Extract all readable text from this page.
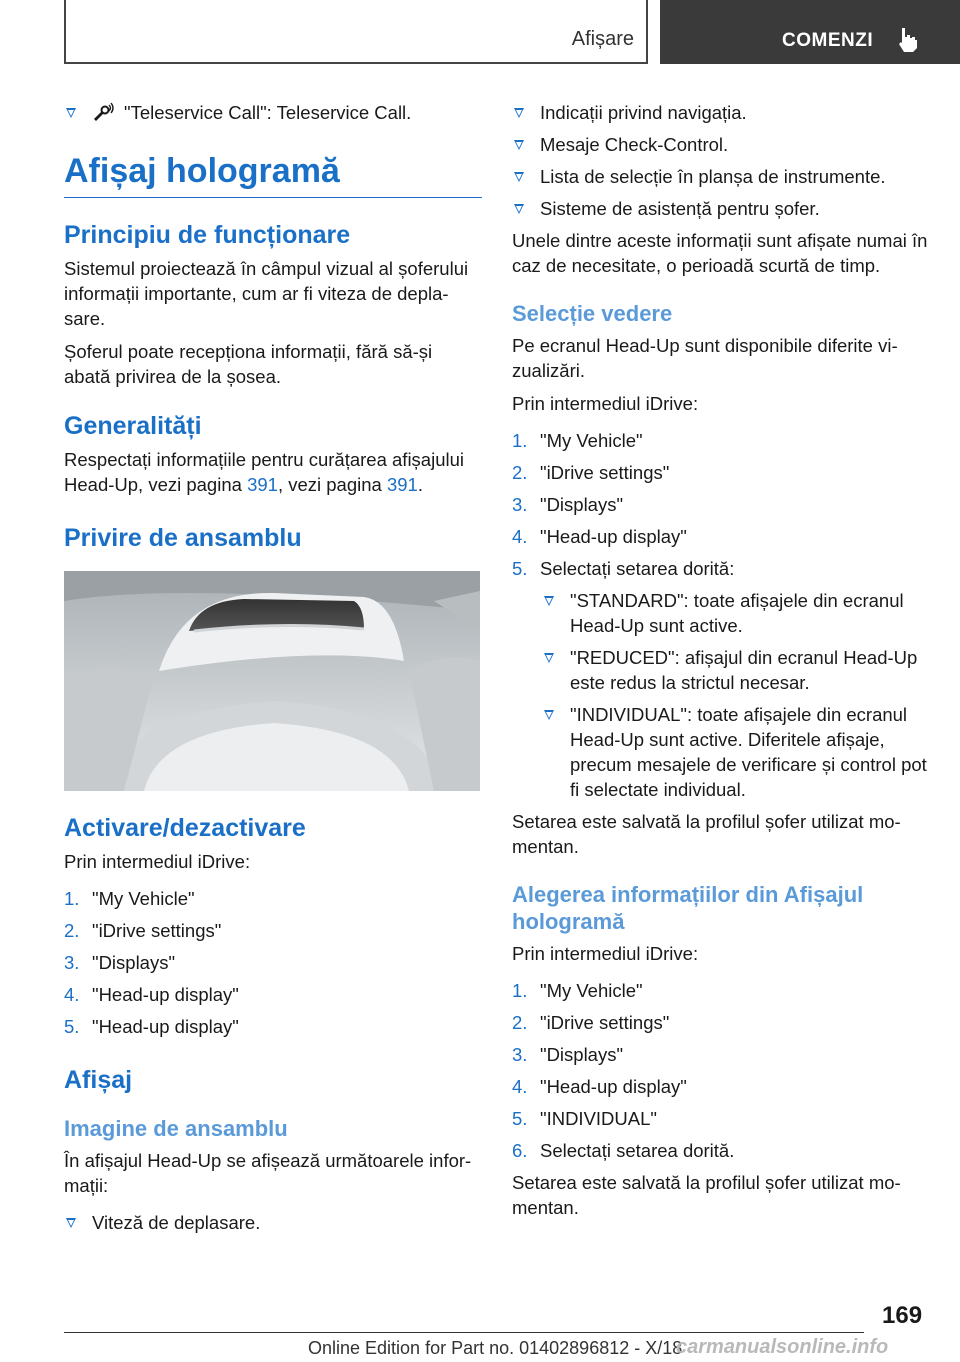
Afișare	COMENZI
"Teleservice Call": Teleservice Call.
Afișaj hologramă
Principiu de funcționare

Sistemul proiectează în câmpul vizual al șoferului informații importante, cum ar fi viteza de depla-sare.

Șoferul poate recepționa informații, fără să-și abată privirea de la șosea.

Generalități

Respectați informațiile pentru curățarea afișajului Head-Up, vezi pagina 391, vezi pagina 391.

Privire de ansamblu
Activare/dezactivare

Prin intermediul iDrive:

1. "My Vehicle"
2. "iDrive settings"
3. "Displays"
4. "Head-up display"
5. "Head-up display"
Afișaj
Imagine de ansamblu

În afișajul Head-Up se afișează următoarele infor-mații:

Viteză de deplasare.
Indicații privind navigația.
Mesaje Check-Control.
Lista de selecție în planșa de instrumente.
Sisteme de asistență pentru șofer.

Unele dintre aceste informații sunt afișate numai în caz de necesitate, o perioadă scurtă de timp.

Selecție vedere

Pe ecranul Head-Up sunt disponibile diferite vi-zualizări.

Prin intermediul iDrive:

1. "My Vehicle"
2. "iDrive settings"
3. "Displays"
4. "Head-up display"
5. Selectați setarea dorită:
"STANDARD": toate afișajele din ecranul Head-Up sunt active.
"REDUCED": afișajul din ecranul Head-Up este redus la strictul necesar.
"INDIVIDUAL": toate afișajele din ecranul Head-Up sunt active. Diferitele afișaje, precum mesajele de verificare și control pot fi selectate individual.

Setarea este salvată la profilul șofer utilizat mo-mentan.

Alegerea informațiilor din Afișajul hologramă

Prin intermediul iDrive:

1. "My Vehicle"
2. "iDrive settings"
3. "Displays"
4. "Head-up display"
5. "INDIVIDUAL"
6. Selectați setarea dorită.

Setarea este salvată la profilul șofer utilizat mo-mentan.

169
Online Edition for Part no. 01402896812 - X/18
carmanualsonline.info
